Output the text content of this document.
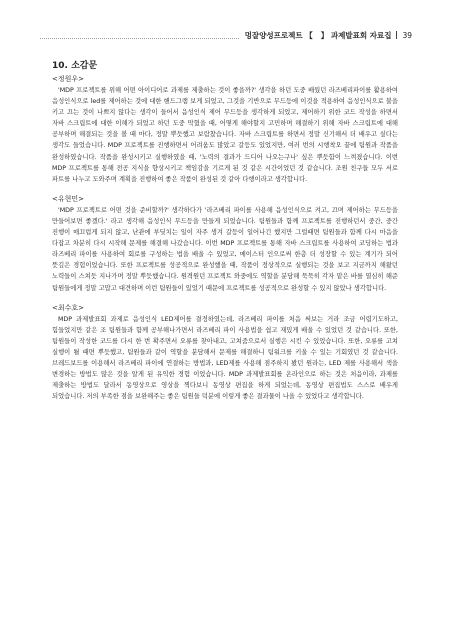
멍잘양성프로젝트 【 】 과제발표회 자료집 39

10. 소감문

<정원우>

'MDP 프로젝트를 위해 어떤 아이디어로 과제를 제출하는 것이 좋을까?' 생각을 하던 도중 배웠던 라즈베리파이를 활용하여 음성인식으로 led를 제어하는 것에 대한 핸드그램 보게 되었고, 그것을 기반으로 무드등에 이것을 적용하여 음성인식으로 불을 키고 끄는 것이 나쁘지 않다는 생각이 들어서 음성인식 제어 무드등을 생각하게 되었고, 제어하기 위한 코드 작성을 하면서 자바 스크립트에 대한 이해가 되었고 하던 도중 막혔을 때, 어떻게 해야할지 고민하며 해결하기 위해 자바 스크립트에 대해 공부하며 해결되는 것을 볼 때 마다, 정말 뿌듯했고 보람찼습니다. 자바 스크립트를 하면서 정말 신기해서 더 배우고 싶다는 생각도 들었습니다. MDP 프로젝트를 진행하면서 어려움도 많았고 갈등도 있었지만, 여러 번의 시행착오 끝에 팀원과 작품을 완성하였습니다. 작품을 완성시키고 실행하였을 때, '노력의 결과가 드디어 나오는구나' 싶은 뿌듯함이 느껴졌습니다. 이번 MDP 프로젝트를 통해 전공 지식을 향상시키고 책임감을 기르게 된 것 같은 시간이었던 것 같습니다. 조원 친구들 모두 서로 파트를 나누고 도와주며 계획을 진행하여 좋은 작품이 완성된 것 같아 다행이라고 생각합니다.

<유현민>

'MDP 프로젝트로 어떤 것을 준비할까?' 생각하다가 '라즈베리 파이를 사용해 음성인식으로 켜고, 끄며 제어하는 무드등을 만들어보면 좋겠다.' 라고 생각해 음성인식 무드등을 만들게 되었습니다. 팀원들과 함께 프로젝트를 진행하던서 중간, 중간 진행이 매끄럽게 되지 않고, 난관에 부딪치는 일이 자주 생겨 갈등이 일어나긴 했지만 그럴때면 팀원들과 함께 다시 마음을 다잡고 차분히 다시 시작해 문제를 해결해 나갔습니다. 이번 MDP 프로젝트를 통해 자바 스크립트를 사용하여 코딩하는 법과 라즈베리 파이를 사용하여 회로를 구성하는 법을 배울 수 있었고, 메이스터 인으로써 한층 더 성장할 수 있는 계기가 되어 뜻깊은 경험이었습니다. 또한 프로젝트를 성공적으로 완성했을 때, 작품이 정상적으로 실행되는 것을 보고 지금까지 해왔던 노력들이 스쳐듯 지나가며 정말 뿌듯했습니다. 원격원던 프로젝트 와중에도 역할을 분담해 묵묵히 각자 맡은 바를 열심히 해준 팀원들에게 정말 고맙고 대견하며 이런 팀원들이 있었기 때문에 프로젝트를 성공적으로 완성할 수 있지 않았나 생각합니다.

<최수호>

MDP 과제발표회 과제로 음성인식 LED제어를 결정하였는데, 라즈베리 파이를 처음 써보는 거라 조금 어렵기도하고, 힘들었지만 같은 조 팀원들과 함께 공부해나가면서 라즈베리 파이 사용법을 쉽고 재밌게 배울 수 있었던 것 같습니다. 또한, 팀원들이 작성한 코드를 다시 한 번 확주면서 오류를 찾아내고, 고쳐줌으로서 실행은 시킨 수 있었습니다. 또한, 오류를 고쳐 실행이 될 때면 뿌듯했고, 팀원들과 같이 역할을 분담해서 문제를 해결하니 팀워크를 키울 수 있는 기회였던 것 같습니다. 브레드보드를 이용해서 라즈베리 파이에 연결하는 방법과, LED제를 사용해 점주하지 봤던 원라는, LED 제를 사용해서 색을 변경하는 방법도 많은 것을 알게 된 유익한 경험 이었습니다. MDP 과제발표회를 온라인으로 하는 것은 처음이라, 과제를 제출하는 방법도 달라서 동영상으로 영상을 찍다보니 동영상 편집을 하게 되었는데, 동영상 편집법도 스스로 배우게 되었습니다. 저의 부족한 점을 보완해주는 좋은 팀원들 덕분에 이렇게 좋은 결과물이 나올 수 있었다고 생각합니다.
